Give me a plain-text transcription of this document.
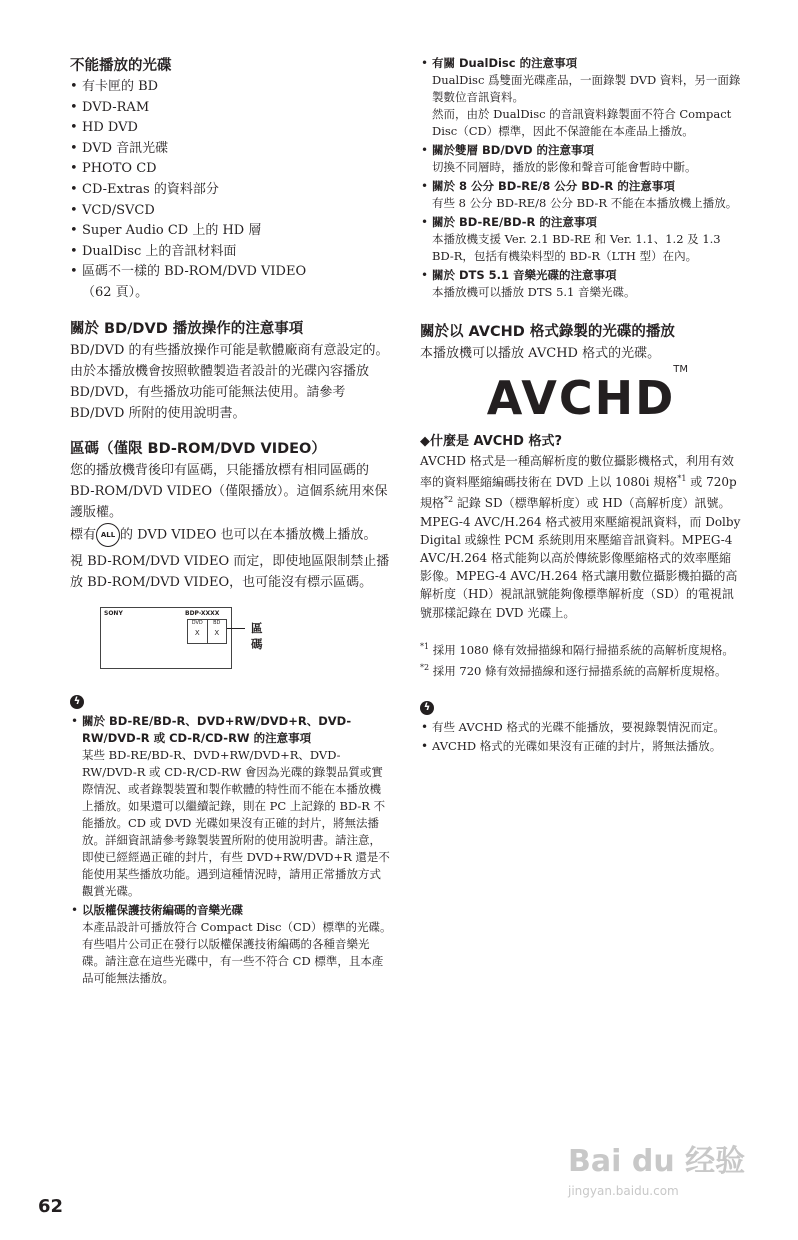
不能播放的光碟
• 有卡匣的 BD
• DVD-RAM
• HD DVD
• DVD 音訊光碟
• PHOTO CD
• CD-Extras 的資料部分
• VCD/SVCD
• Super Audio CD 上的 HD 層
• DualDisc 上的音訊材料面
• 區碼不一樣的 BD-ROM/DVD VIDEO
（62 頁）。
關於 BD/DVD 播放操作的注意事項

BD/DVD 的有些播放操作可能是軟體廠商有意設定的。由於本播放機會按照軟體製造者設計的光碟內容播放 BD/DVD，有些播放功能可能無法使用。請參考 BD/DVD 所附的使用說明書。

區碼（僅限 BD-ROM/DVD VIDEO）

您的播放機背後印有區碼，只能播放標有相同區碼的 BD-ROM/DVD VIDEO（僅限播放）。這個系統用來保護版權。

標有 ALL 的 DVD VIDEO 也可以在本播放機上播放。

視 BD-ROM/DVD VIDEO 而定，即使地區限制禁止播放 BD-ROM/DVD VIDEO，也可能沒有標示區碼。

SONY	BDP-XXXX
DVD
X
BD
X	區碼
ϟ
• 關於 BD-RE/BD-R、DVD+RW/DVD+R、DVD-RW/DVD-R 或 CD-R/CD-RW 的注意事項
某些 BD-RE/BD-R、DVD+RW/DVD+R、DVD-RW/DVD-R 或 CD-R/CD-RW 會因為光碟的錄製品質或實際情況、或者錄製裝置和製作軟體的特性而不能在本播放機上播放。如果還可以繼續記錄，則在 PC 上記錄的 BD-R 不能播放。CD 或 DVD 光碟如果沒有正確的封片，將無法播放。詳細資訊請參考錄製裝置所附的使用說明書。請注意，即使已經經過正確的封片，有些 DVD+RW/DVD+R 還是不能使用某些播放功能。遇到這種情況時，請用正常播放方式觀賞光碟。
• 以版權保護技術編碼的音樂光碟
本產品設計可播放符合 Compact Disc（CD）標準的光碟。
有些唱片公司正在發行以版權保護技術編碼的各種音樂光碟。請注意在這些光碟中，有一些不符合 CD 標準，且本產品可能無法播放。
• 有關 DualDisc 的注意事項
DualDisc 爲雙面光碟產品，一面錄製 DVD 資料，另一面錄製數位音訊資料。
然而，由於 DualDisc 的音訊資料錄製面不符合 Compact Disc（CD）標準，因此不保證能在本產品上播放。
• 關於雙層 BD/DVD 的注意事項
切換不同層時，播放的影像和聲音可能會暫時中斷。
• 關於 8 公分 BD-RE/8 公分 BD-R 的注意事項
有些 8 公分 BD-RE/8 公分 BD-R 不能在本播放機上播放。
• 關於 BD-RE/BD-R 的注意事項
本播放機支援 Ver. 2.1 BD-RE 和 Ver. 1.1、1.2 及 1.3 BD-R，包括有機染料型的 BD-R（LTH 型）在內。
• 關於 DTS 5.1 音樂光碟的注意事項
本播放機可以播放 DTS 5.1 音樂光碟。
關於以 AVCHD 格式錄製的光碟的播放

本播放機可以播放 AVCHD 格式的光碟。

AVCHD
TM
◆什麼是 AVCHD 格式?

AVCHD 格式是一種高解析度的數位攝影機格式，利用有效率的資料壓縮編碼技術在 DVD 上以 1080i 規格$^{*1}$ 或 720p 規格$^{*2}$ 記錄 SD（標準解析度）或 HD（高解析度）訊號。MPEG-4 AVC/H.264 格式被用來壓縮視訊資料，而 Dolby Digital 或線性 PCM 系統則用來壓縮音訊資料。MPEG-4 AVC/H.264 格式能夠以高於傳統影像壓縮格式的效率壓縮影像。MPEG-4 AVC/H.264 格式讓用數位攝影機拍攝的高解析度（HD）視訊訊號能夠像標準解析度（SD）的電視訊號那樣記錄在 DVD 光碟上。

$^{*1}$ 採用 1080 條有效掃描線和隔行掃描系統的高解析度規格。

$^{*2}$ 採用 720 條有效掃描線和逐行掃描系統的高解析度規格。

ϟ
• 有些 AVCHD 格式的光碟不能播放，要視錄製情況而定。
• AVCHD 格式的光碟如果沒有正確的封片，將無法播放。
62
Bai du 经验
jingyan.baidu.com
